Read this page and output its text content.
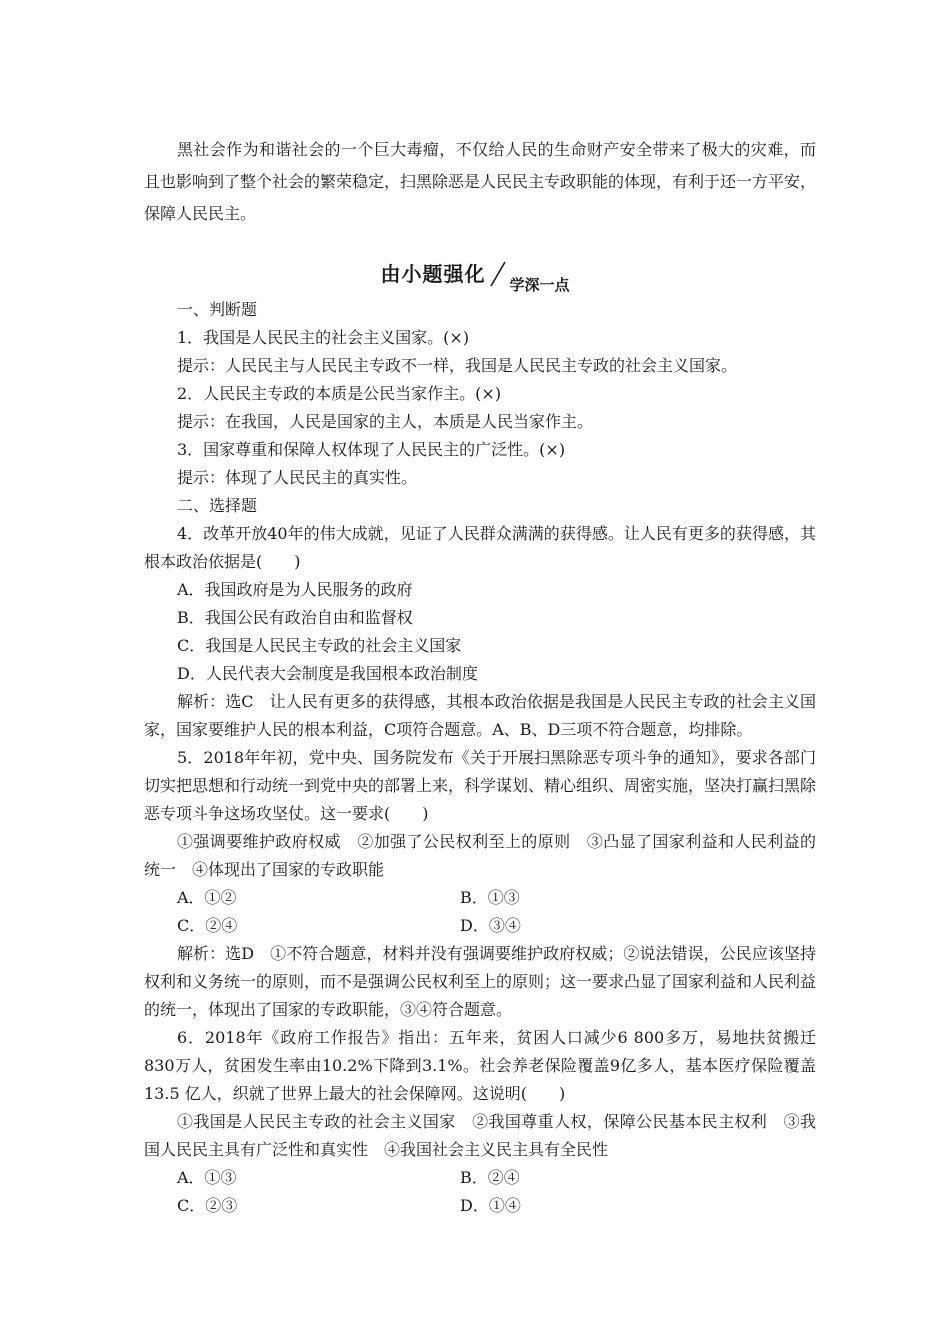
黑社会作为和谐社会的一个巨大毒瘤，不仅给人民的生命财产安全带来了极大的灾难，而且也影响到了整个社会的繁荣稳定，扫黑除恶是人民民主专政职能的体现，有利于还一方平安，保障人民民主。

由小题强化 学深一点

一、判断题

1．我国是人民民主的社会主义国家。(×)

提示：人民民主与人民民主专政不一样，我国是人民民主专政的社会主义国家。

2．人民民主专政的本质是公民当家作主。(×)

提示：在我国，人民是国家的主人，本质是人民当家作主。

3．国家尊重和保障人权体现了人民民主的广泛性。(×)

提示：体现了人民民主的真实性。

二、选择题

4．改革开放40年的伟大成就，见证了人民群众满满的获得感。让人民有更多的获得感，其根本政治依据是(　　)

A．我国政府是为人民服务的政府

B．我国公民有政治自由和监督权

C．我国是人民民主专政的社会主义国家

D．人民代表大会制度是我国根本政治制度

解析：选C　让人民有更多的获得感，其根本政治依据是我国是人民民主专政的社会主义国家，国家要维护人民的根本利益，C项符合题意。A、B、D三项不符合题意，均排除。

5．2018年年初，党中央、国务院发布《关于开展扫黑除恶专项斗争的通知》，要求各部门切实把思想和行动统一到党中央的部署上来，科学谋划、精心组织、周密实施，坚决打赢扫黑除恶专项斗争这场攻坚仗。这一要求(　　)

①强调要维护政府权威　②加强了公民权利至上的原则　③凸显了国家利益和人民利益的统一　④体现出了国家的专政职能

A．①②	B．①③
C．②④	D．③④

解析：选D　①不符合题意，材料并没有强调要维护政府权威；②说法错误，公民应该坚持权利和义务统一的原则，而不是强调公民权利至上的原则；这一要求凸显了国家利益和人民利益的统一，体现出了国家的专政职能，③④符合题意。

6．2018年《政府工作报告》指出：五年来，贫困人口减少6 800多万，易地扶贫搬迁830万人，贫困发生率由10.2%下降到3.1%。社会养老保险覆盖9亿多人，基本医疗保险覆盖13.5 亿人，织就了世界上最大的社会保障网。这说明(　　)

①我国是人民民主专政的社会主义国家　②我国尊重人权，保障公民基本民主权利　③我国人民民主具有广泛性和真实性　④我国社会主义民主具有全民性

A．①③	B．②④
C．②③	D．①④
